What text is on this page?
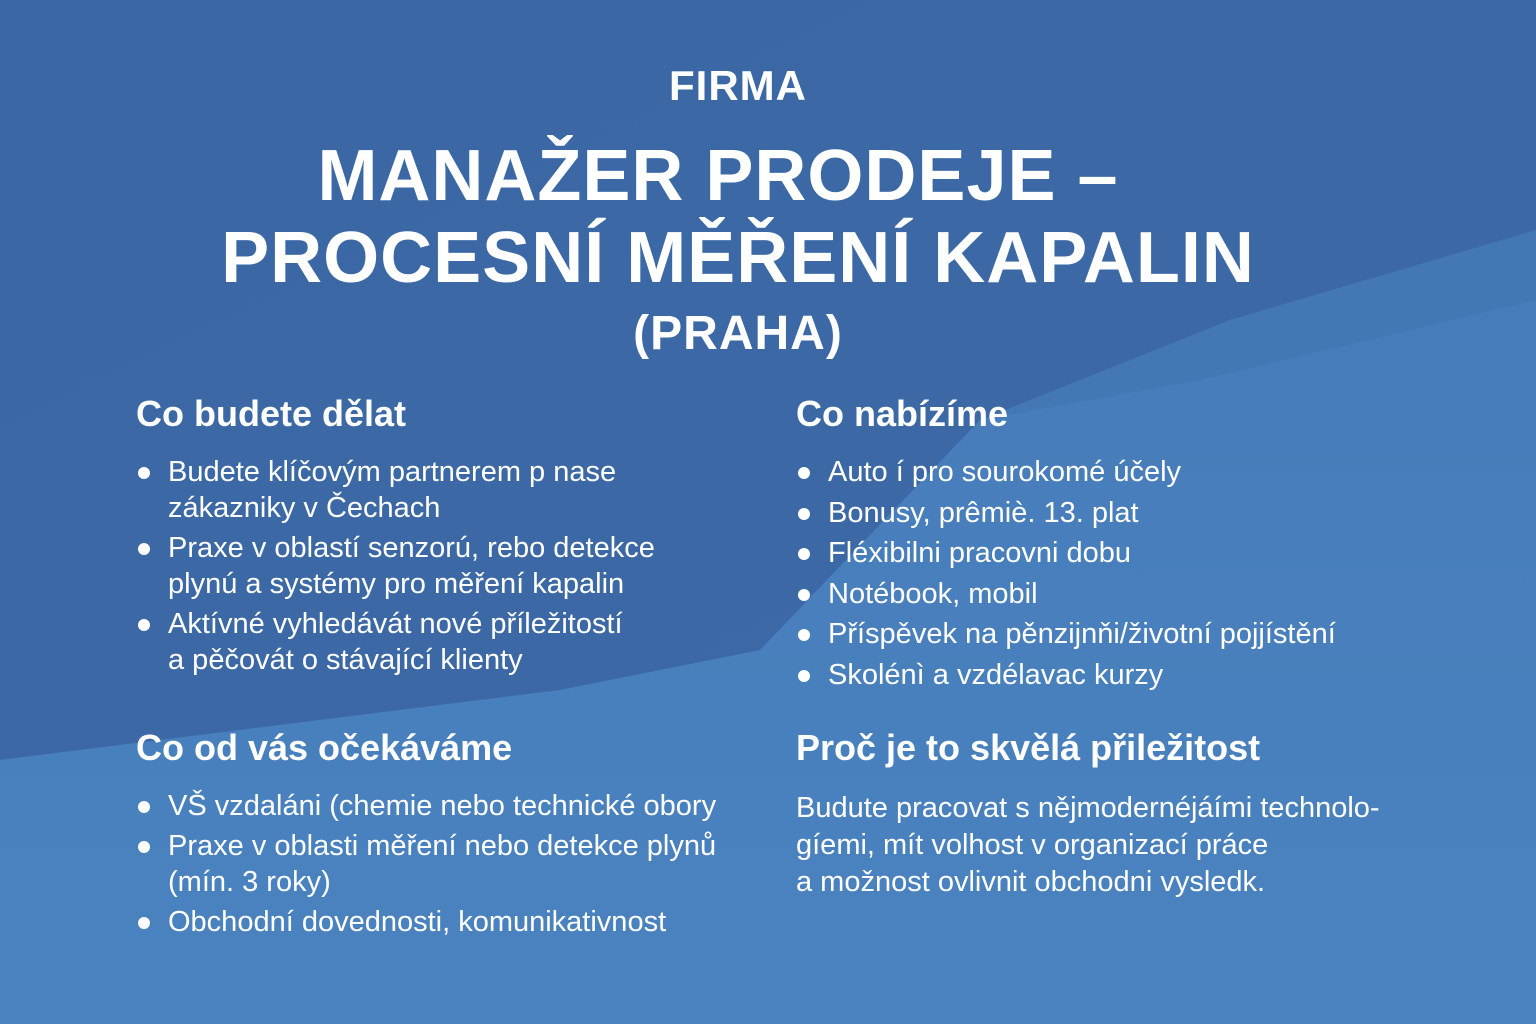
FIRMA
MANAŽER PRODEJE –
PROCESNÍ MĚŘENÍ KAPALIN
(PRAHA)
Co budete dělat
Budete klíčovým partnerem p nase
zákazniky v Čechach
Praxe v oblastí senzorú, rebo detekce
plynú a systémy pro měření kapalin
Aktívné vyhledávát nové příležitostí
a pěčovát o stávající klienty
Co od vás očekáváme
VŠ vzdaláni (chemie nebo technické obory
Praxe v oblasti měření nebo detekce plynů
(mín. 3 roky)
Obchodní dovednosti, komunikativnost
Co nabízíme
Auto í pro sourokomé účely
Bonusy, prêmiè. 13. plat
Fléxibilni pracovni dobu
Notébook, mobil
Příspěvek na pěnzijnňi/životní pojjístění
Skolénì a vzdélavac kurzy
Proč je to skvělá přiležitost

Budute pracovat s nějmodernéjáími technolo-
gíemi, mít volhost v organizací práce
a možnost ovlivnit obchodni vysledk.
